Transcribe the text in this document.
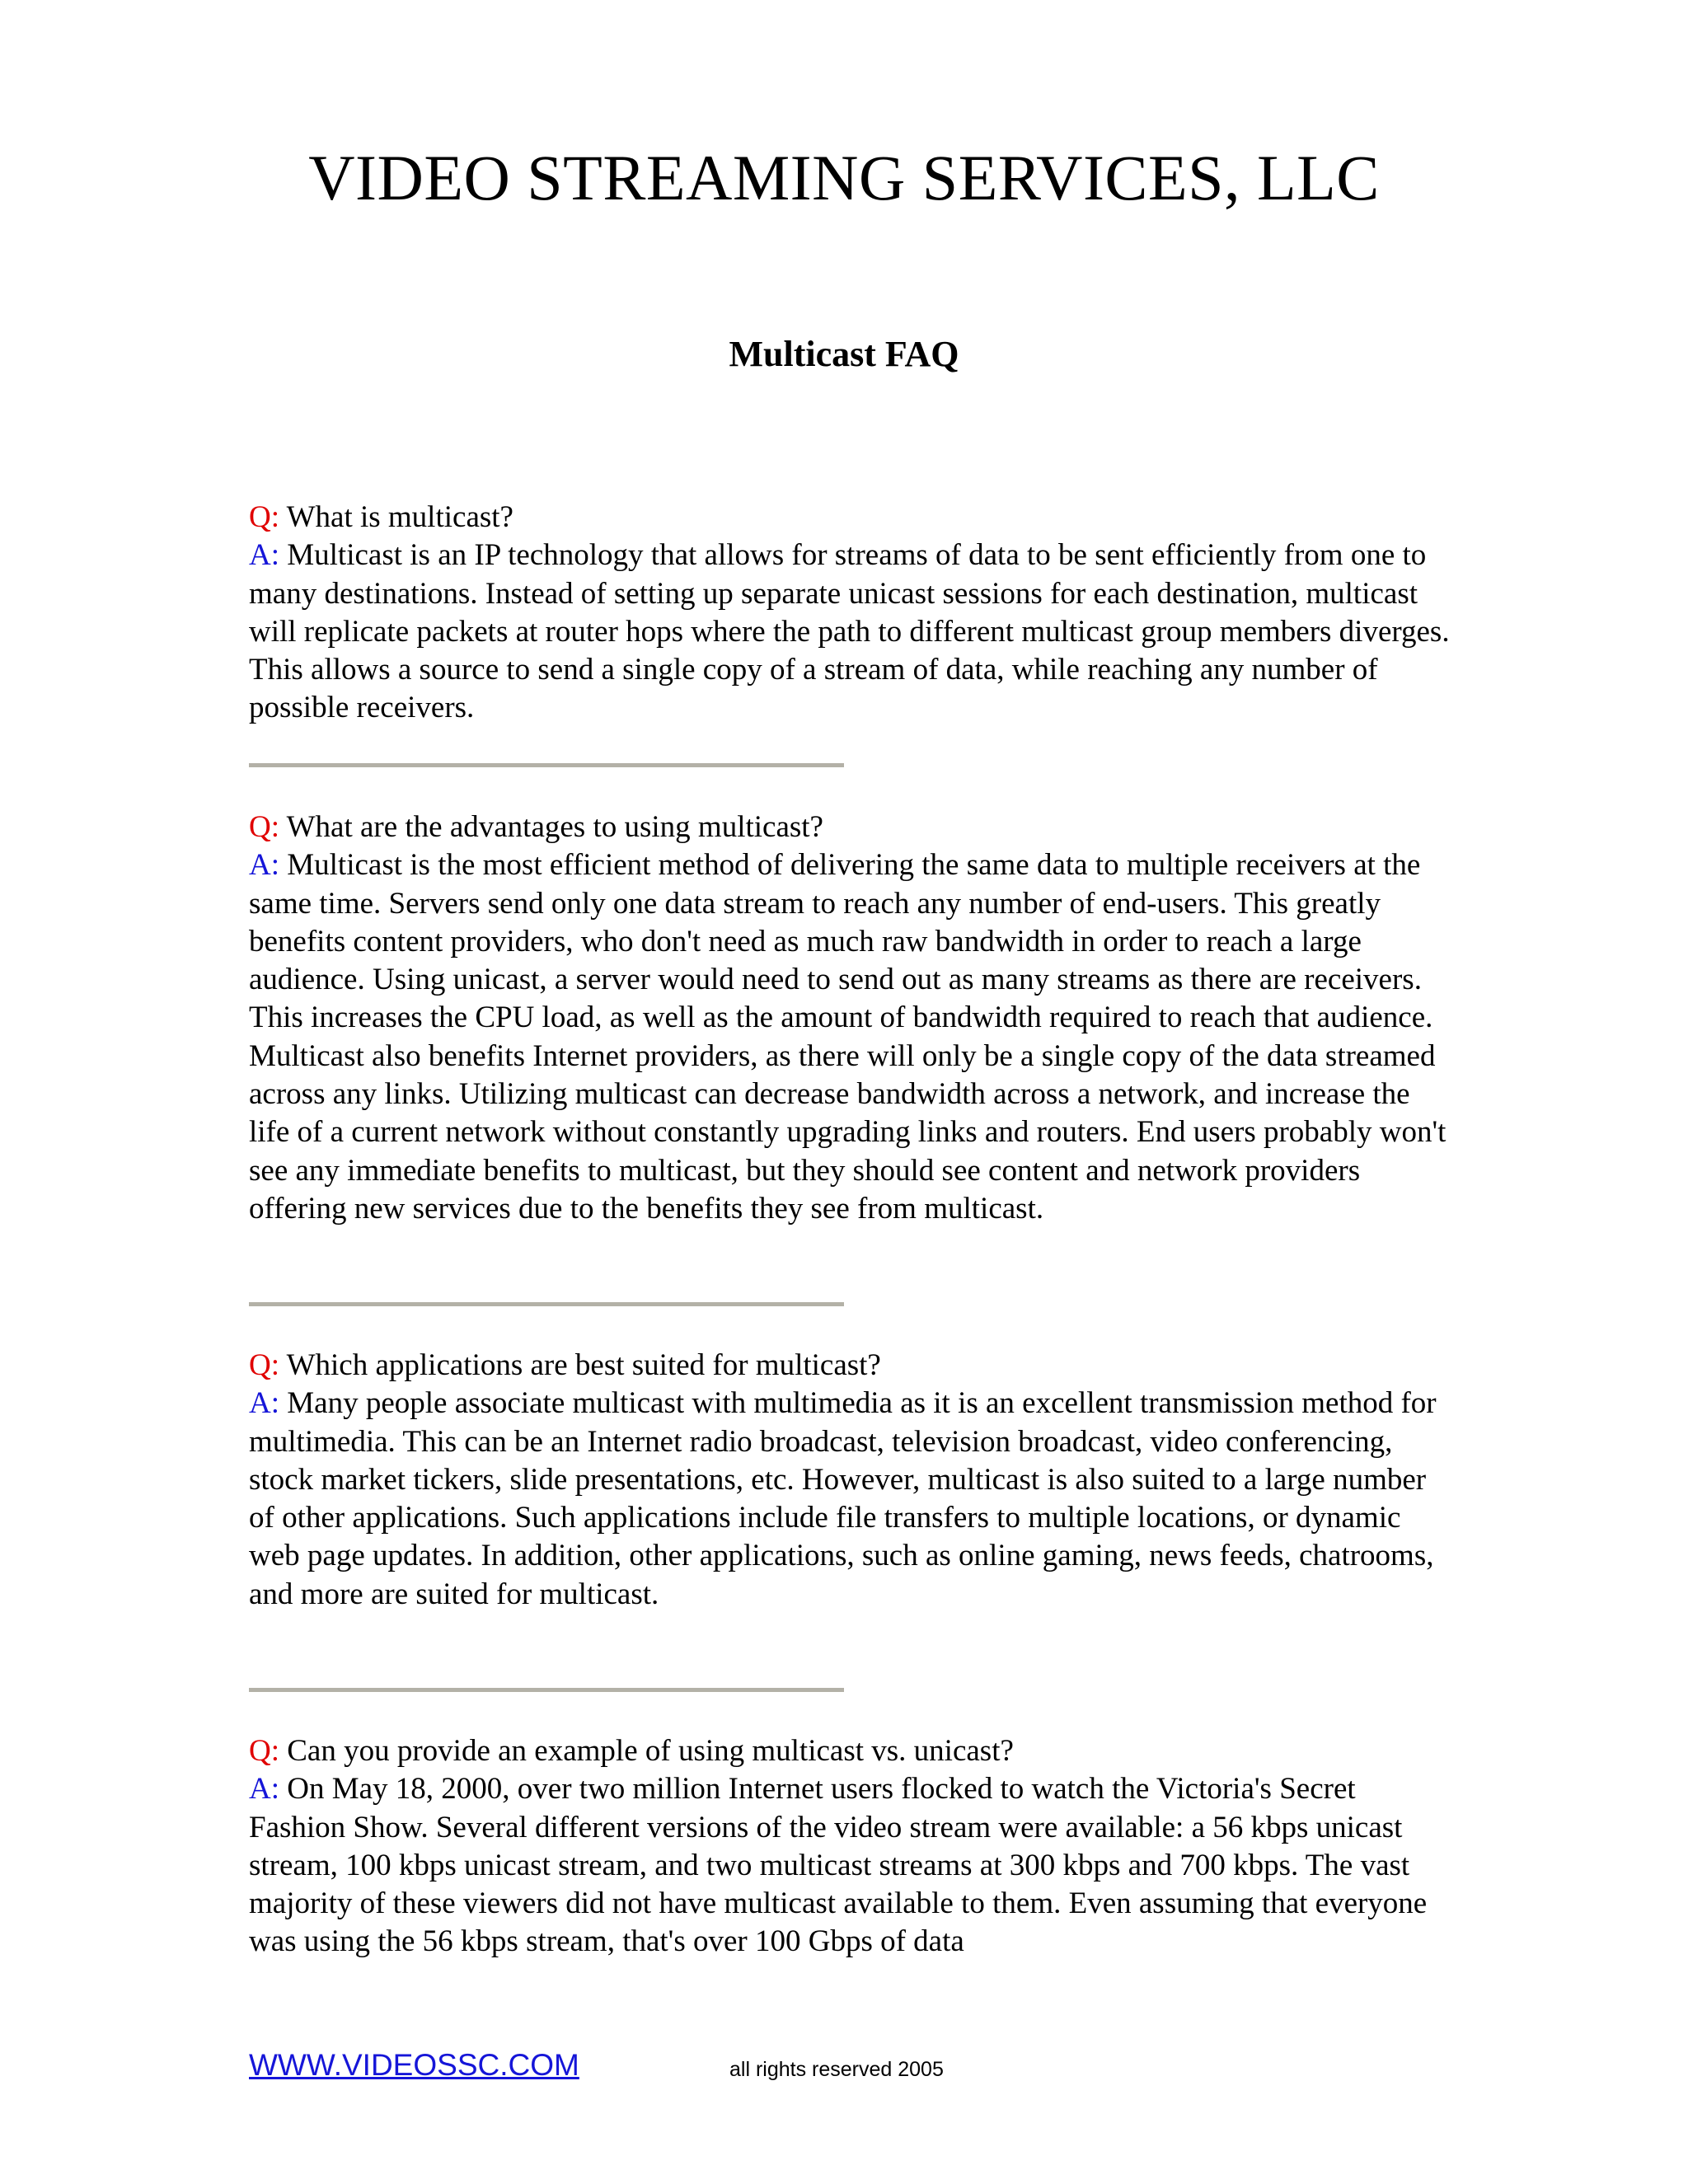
VIDEO STREAMING SERVICES, LLC
Multicast FAQ

Q: What is multicast?

A: Multicast is an IP technology that allows for streams of data to be sent efficiently from one to many destinations. Instead of setting up separate unicast sessions for each destination, multicast will replicate packets at router hops where the path to different multicast group members diverges. This allows a source to send a single copy of a stream of data, while reaching any number of possible receivers.

Q: What are the advantages to using multicast?

A: Multicast is the most efficient method of delivering the same data to multiple receivers at the same time. Servers send only one data stream to reach any number of end-users. This greatly benefits content providers, who don't need as much raw bandwidth in order to reach a large audience. Using unicast, a server would need to send out as many streams as there are receivers. This increases the CPU load, as well as the amount of bandwidth required to reach that audience. Multicast also benefits Internet providers, as there will only be a single copy of the data streamed across any links. Utilizing multicast can decrease bandwidth across a network, and increase the life of a current network without constantly upgrading links and routers. End users probably won't see any immediate benefits to multicast, but they should see content and network providers offering new services due to the benefits they see from multicast.

Q: Which applications are best suited for multicast?

A: Many people associate multicast with multimedia as it is an excellent transmission method for multimedia. This can be an Internet radio broadcast, television broadcast, video conferencing, stock market tickers, slide presentations, etc. However, multicast is also suited to a large number of other applications. Such applications include file transfers to multiple locations, or dynamic web page updates. In addition, other applications, such as online gaming, news feeds, chatrooms, and more are suited for multicast.

Q: Can you provide an example of using multicast vs. unicast?

A: On May 18, 2000, over two million Internet users flocked to watch the Victoria's Secret Fashion Show. Several different versions of the video stream were available: a 56 kbps unicast stream, 100 kbps unicast stream, and two multicast streams at 300 kbps and 700 kbps. The vast majority of these viewers did not have multicast available to them. Even assuming that everyone was using the 56 kbps stream, that's over 100 Gbps of data

WWW.VIDEOSSC.COM	all rights reserved 2005
